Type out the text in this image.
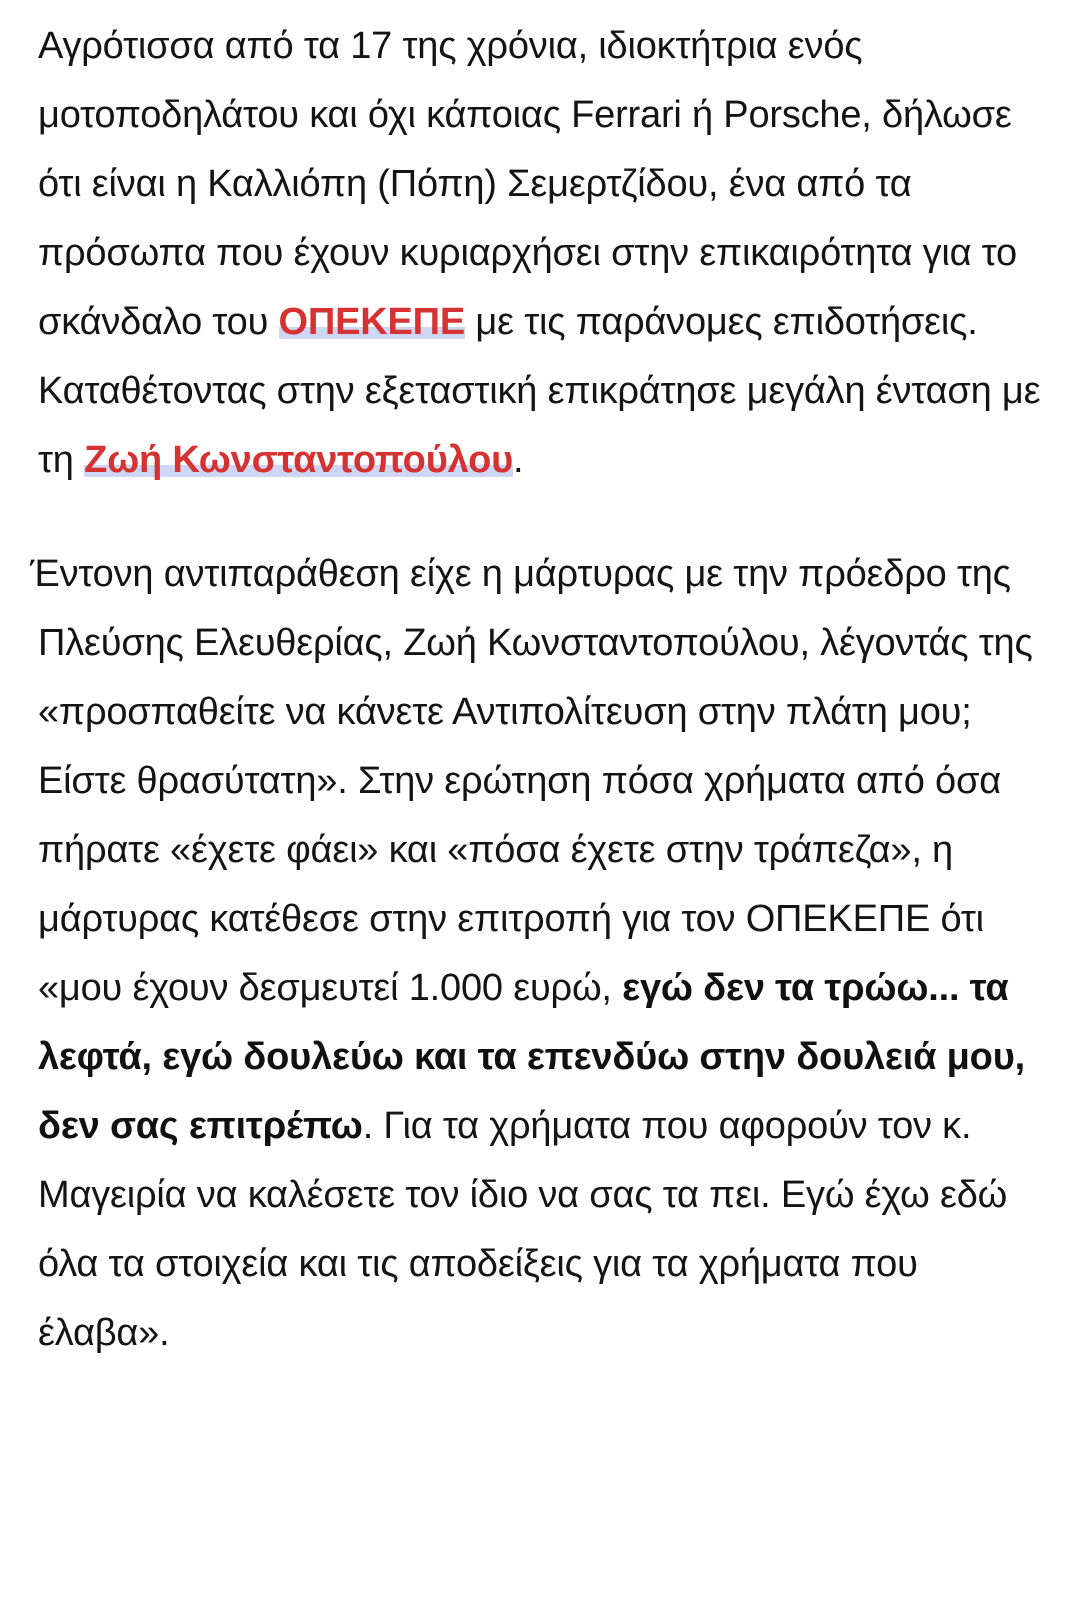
Αγρότισσα από τα 17 της χρόνια, ιδιοκτήτρια ενός μοτοποδηλάτου και όχι κάποιας Ferrari ή Porsche, δήλωσε ότι είναι η Καλλιόπη (Πόπη) Σεμερτζίδου, ένα από τα πρόσωπα που έχουν κυριαρχήσει στην επικαιρότητα για το σκάνδαλο του ΟΠΕΚΕΠΕ με τις παράνομες επιδοτήσεις. Καταθέτοντας στην εξεταστική επικράτησε μεγάλη ένταση με τη Ζωή Κωνσταντοπούλου.

Έντονη αντιπαράθεση είχε η μάρτυρας με την πρόεδρο της Πλεύσης Ελευθερίας, Ζωή Κωνσταντοπούλου, λέγοντάς της «προσπαθείτε να κάνετε Αντιπολίτευση στην πλάτη μου; Είστε θρασύτατη». Στην ερώτηση πόσα χρήματα από όσα πήρατε «έχετε φάει» και «πόσα έχετε στην τράπεζα», η μάρτυρας κατέθεσε στην επιτροπή για τον ΟΠΕΚΕΠΕ ότι «μου έχουν δεσμευτεί 1.000 ευρώ, εγώ δεν τα τρώω... τα λεφτά, εγώ δουλεύω και τα επενδύω στην δουλειά μου, δεν σας επιτρέπω. Για τα χρήματα που αφορούν τον κ. Μαγειρία να καλέσετε τον ίδιο να σας τα πει. Εγώ έχω εδώ όλα τα στοιχεία και τις αποδείξεις για τα χρήματα που έλαβα».
